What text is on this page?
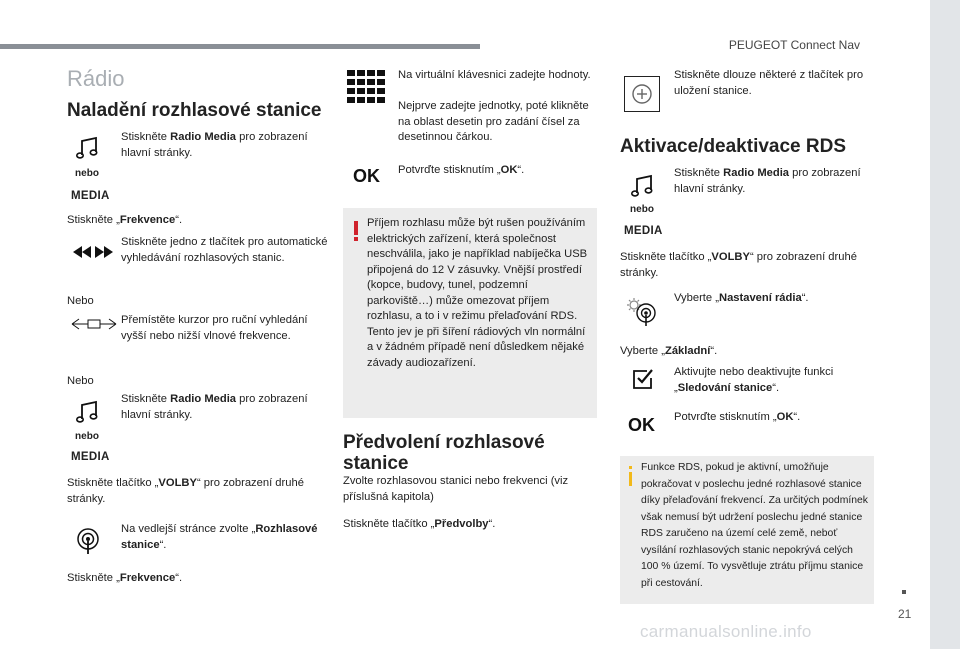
PEUGEOT Connect Nav
21
carmanualsonline.info
Rádio
Naladění rozhlasové stanice
nebo
MEDIA
Stiskněte Radio Media pro zobrazení hlavní stránky.
Stiskněte „Frekvence“.
Stiskněte jedno z tlačítek pro automatické vyhledávání rozhlasových stanic.
Nebo
Přemístěte kurzor pro ruční vyhledání vyšší nebo nižší vlnové frekvence.
Nebo
nebo
MEDIA
Stiskněte Radio Media pro zobrazení hlavní stránky.
Stiskněte tlačítko „VOLBY“ pro zobrazení druhé stránky.
Na vedlejší stránce zvolte „Rozhlasové stanice“.
Stiskněte „Frekvence“.
Na virtuální klávesnici zadejte hodnoty.
Nejprve zadejte jednotky, poté klikněte na oblast desetin pro zadání čísel za desetinnou čárkou.
OK Potvrďte stisknutím „OK“.
Příjem rozhlasu může být rušen používáním elektrických zařízení, která společnost neschválila, jako je například nabíječka USB připojená do 12 V zásuvky. Vnější prostředí (kopce, budovy, tunel, podzemní parkoviště…) může omezovat příjem rozhlasu, a to i v režimu přelaďování RDS. Tento jev je při šíření rádiových vln normální a v žádném případě není důsledkem nějaké závady audiozařízení.
Předvolení rozhlasové
stanice
Zvolte rozhlasovou stanici nebo frekvenci (viz příslušná kapitola)
Stiskněte tlačítko „Předvolby“.
Stiskněte dlouze některé z tlačítek pro uložení stanice.
Aktivace/deaktivace RDS
nebo
MEDIA
Stiskněte Radio Media pro zobrazení hlavní stránky.
Stiskněte tlačítko „VOLBY“ pro zobrazení druhé stránky.
Vyberte „Nastavení rádia“.
Vyberte „Základní“.
Aktivujte nebo deaktivujte funkci „Sledování stanice“.
OK Potvrďte stisknutím „OK“.
Funkce RDS, pokud je aktivní, umožňuje pokračovat v poslechu jedné rozhlasové stanice díky přelaďování frekvencí. Za určitých podmínek však nemusí být udržení poslechu jedné stanice RDS zaručeno na území celé země, neboť vysílání rozhlasových stanic nepokrývá celých 100 % území. To vysvětluje ztrátu příjmu stanice při cestování.
